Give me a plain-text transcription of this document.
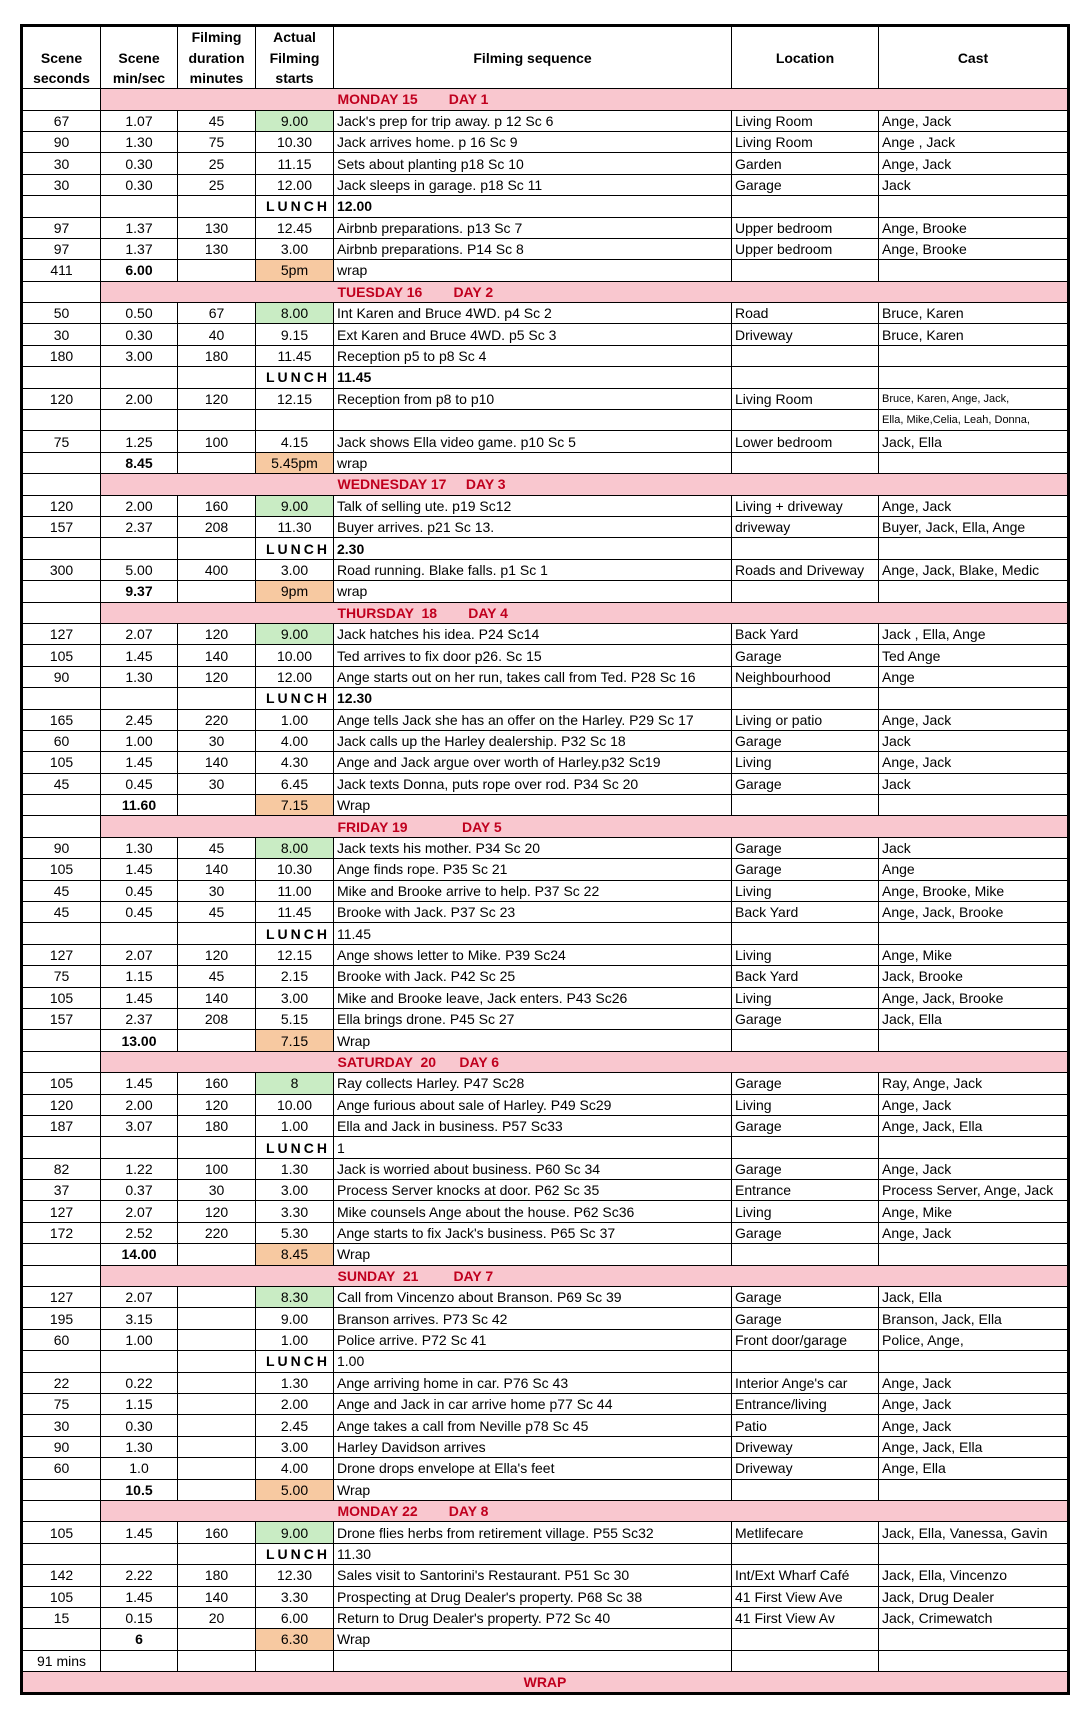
		Filming	Actual			
Scene	Scene	duration	Filming	Filming sequence	Location	Cast
seconds	min/sec	minutes	starts			
				MONDAY 15        DAY 1		
67	1.07	45	9.00	Jack's prep for trip away. p 12 Sc 6	Living Room	Ange, Jack
90	1.30	75	10.30	Jack arrives home. p 16 Sc 9	Living Room	Ange , Jack
30	0.30	25	11.15	Sets about planting p18 Sc 10	Garden	Ange, Jack
30	0.30	25	12.00	Jack sleeps in garage. p18 Sc 11	Garage	Jack
			LUNCH	12.00		
97	1.37	130	12.45	Airbnb preparations. p13 Sc 7	Upper bedroom	Ange, Brooke
97	1.37	130	3.00	Airbnb preparations. P14 Sc 8	Upper bedroom	Ange, Brooke
411	6.00		5pm	wrap		
				TUESDAY 16        DAY 2		
50	0.50	67	8.00	Int Karen and Bruce 4WD. p4 Sc 2	Road	Bruce, Karen
30	0.30	40	9.15	Ext Karen and Bruce 4WD. p5 Sc 3	Driveway	Bruce, Karen
180	3.00	180	11.45	Reception p5 to p8 Sc 4		
			LUNCH	11.45		
120	2.00	120	12.15	Reception from p8 to p10	Living Room	Bruce, Karen, Ange, Jack,
						Ella, Mike,Celia, Leah, Donna,
75	1.25	100	4.15	Jack shows Ella video game. p10 Sc 5	Lower bedroom	Jack, Ella
	8.45		5.45pm	wrap		
				WEDNESDAY 17     DAY 3		
120	2.00	160	9.00	Talk of selling ute. p19 Sc12	Living + driveway	Ange, Jack
157	2.37	208	11.30	Buyer arrives. p21 Sc 13.	driveway	Buyer, Jack, Ella, Ange
			LUNCH	2.30		
300	5.00	400	3.00	Road running. Blake falls. p1 Sc 1	Roads and Driveway	Ange, Jack, Blake, Medic
	9.37		9pm	wrap		
				THURSDAY  18        DAY 4		
127	2.07	120	9.00	Jack hatches his idea. P24 Sc14	Back Yard	Jack , Ella, Ange
105	1.45	140	10.00	Ted arrives to fix door p26. Sc 15	Garage	Ted Ange
90	1.30	120	12.00	Ange starts out on her run, takes call from Ted. P28 Sc 16	Neighbourhood	Ange
			LUNCH	12.30		
165	2.45	220	1.00	Ange tells Jack she has an offer on the Harley. P29 Sc 17	Living or patio	Ange, Jack
60	1.00	30	4.00	Jack calls up the Harley dealership. P32 Sc 18	Garage	Jack
105	1.45	140	4.30	Ange and Jack argue over worth of Harley.p32 Sc19	Living	Ange, Jack
45	0.45	30	6.45	Jack texts Donna, puts rope over rod. P34 Sc 20	Garage	Jack
	11.60		7.15	Wrap		
				FRIDAY 19              DAY 5		
90	1.30	45	8.00	Jack texts his mother. P34 Sc 20	Garage	Jack
105	1.45	140	10.30	Ange finds rope. P35 Sc 21	Garage	Ange
45	0.45	30	11.00	Mike and Brooke arrive to help. P37 Sc 22	Living	Ange, Brooke, Mike
45	0.45	45	11.45	Brooke with Jack. P37 Sc 23	Back Yard	Ange, Jack, Brooke
			LUNCH	11.45		
127	2.07	120	12.15	Ange shows letter to Mike. P39 Sc24	Living	Ange, Mike
75	1.15	45	2.15	Brooke with Jack. P42 Sc 25	Back Yard	Jack, Brooke
105	1.45	140	3.00	Mike and Brooke leave, Jack enters. P43 Sc26	Living	Ange, Jack, Brooke
157	2.37	208	5.15	Ella brings drone. P45 Sc 27	Garage	Jack, Ella
	13.00		7.15	Wrap		
				SATURDAY  20      DAY 6		
105	1.45	160	8	Ray collects Harley. P47 Sc28	Garage	Ray, Ange, Jack
120	2.00	120	10.00	Ange furious about sale of Harley. P49 Sc29	Living	Ange, Jack
187	3.07	180	1.00	Ella and Jack in business. P57 Sc33	Garage	Ange, Jack, Ella
			LUNCH	1		
82	1.22	100	1.30	Jack is worried about business. P60 Sc 34	Garage	Ange, Jack
37	0.37	30	3.00	Process Server knocks at door. P62 Sc 35	Entrance	Process Server, Ange, Jack
127	2.07	120	3.30	Mike counsels Ange about the house. P62 Sc36	Living	Ange, Mike
172	2.52	220	5.30	Ange starts to fix Jack's business. P65 Sc 37	Garage	Ange, Jack
	14.00		8.45	Wrap		
				SUNDAY  21         DAY 7		
127	2.07		8.30	Call from Vincenzo about Branson. P69 Sc 39	Garage	Jack, Ella
195	3.15		9.00	Branson arrives. P73 Sc 42	Garage	Branson, Jack, Ella
60	1.00		1.00	Police arrive. P72 Sc 41	Front door/garage	Police, Ange,
			LUNCH	1.00		
22	0.22		1.30	Ange arriving home in car. P76 Sc 43	Interior Ange's car	Ange, Jack
75	1.15		2.00	Ange and Jack in car arrive home p77 Sc 44	Entrance/living	Ange, Jack
30	0.30		2.45	Ange takes a call from Neville p78 Sc 45	Patio	Ange, Jack
90	1.30		3.00	Harley Davidson arrives	Driveway	Ange, Jack, Ella
60	1.0		4.00	Drone drops envelope at Ella's feet	Driveway	Ange, Ella
	10.5		5.00	Wrap		
				MONDAY 22        DAY 8		
105	1.45	160	9.00	Drone flies herbs from retirement village. P55 Sc32	Metlifecare	Jack, Ella, Vanessa, Gavin
			LUNCH	11.30		
142	2.22	180	12.30	Sales visit to Santorini's Restaurant. P51 Sc 30	Int/Ext Wharf Café	Jack, Ella, Vincenzo
105	1.45	140	3.30	Prospecting at Drug Dealer's property. P68 Sc 38	41 First View Ave	Jack, Drug Dealer
15	0.15	20	6.00	Return to Drug Dealer's property. P72 Sc 40	41 First View Av	Jack, Crimewatch
	6		6.30	Wrap		
91 mins						
WRAP						
